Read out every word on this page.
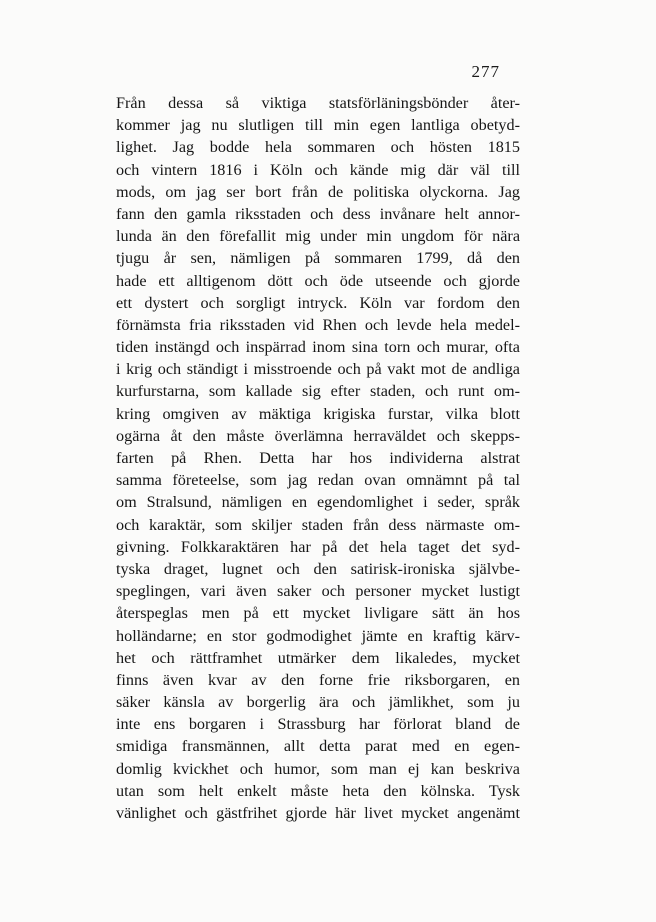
277
Från dessa så viktiga statsförläningsbönder åter-
kommer jag nu slutligen till min egen lantliga obetyd-
lighet. Jag bodde hela sommaren och hösten 1815
och vintern 1816 i Köln och kände mig där väl till
mods, om jag ser bort från de politiska olyckorna. Jag
fann den gamla riksstaden och dess invånare helt annor-
lunda än den förefallit mig under min ungdom för nära
tjugu år sen, nämligen på sommaren 1799, då den
hade ett alltigenom dött och öde utseende och gjorde
ett dystert och sorgligt intryck. Köln var fordom den
förnämsta fria riksstaden vid Rhen och levde hela medel-
tiden instängd och inspärrad inom sina torn och murar, ofta
i krig och ständigt i misstroende och på vakt mot de andliga
kurfurstarna, som kallade sig efter staden, och runt om-
kring omgiven av mäktiga krigiska furstar, vilka blott
ogärna åt den måste överlämna herraväldet och skepps-
farten på Rhen. Detta har hos individerna alstrat
samma företeelse, som jag redan ovan omnämnt på tal
om Stralsund, nämligen en egendomlighet i seder, språk
och karaktär, som skiljer staden från dess närmaste om-
givning. Folkkaraktären har på det hela taget det syd-
tyska draget, lugnet och den satirisk-ironiska självbe-
speglingen, vari även saker och personer mycket lustigt
återspeglas men på ett mycket livligare sätt än hos
holländarne; en stor godmodighet jämte en kraftig kärv-
het och rättframhet utmärker dem likaledes, mycket
finns även kvar av den forne frie riksborgaren, en
säker känsla av borgerlig ära och jämlikhet, som ju
inte ens borgaren i Strassburg har förlorat bland de
smidiga fransmännen, allt detta parat med en egen-
domlig kvickhet och humor, som man ej kan beskriva
utan som helt enkelt måste heta den kölnska. Tysk
vänlighet och gästfrihet gjorde här livet mycket angenämt
